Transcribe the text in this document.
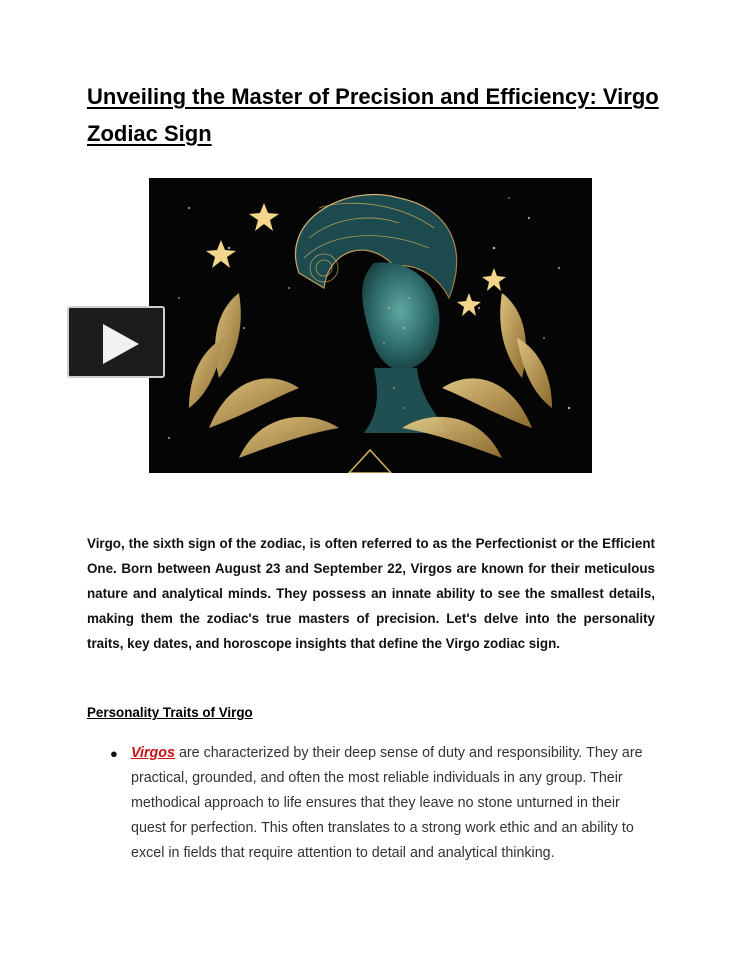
Unveiling the Master of Precision and Efficiency: Virgo Zodiac Sign

Virgo, the sixth sign of the zodiac, is often referred to as the Perfectionist or the Efficient One. Born between August 23 and September 22, Virgos are known for their meticulous nature and analytical minds. They possess an innate ability to see the smallest details, making them the zodiac's true masters of precision. Let's delve into the personality traits, key dates, and horoscope insights that define the Virgo zodiac sign.

Personality Traits of Virgo
● Virgos are characterized by their deep sense of duty and responsibility. They are practical, grounded, and often the most reliable individuals in any group. Their methodical approach to life ensures that they leave no stone unturned in their quest for perfection. This often translates to a strong work ethic and an ability to excel in fields that require attention to detail and analytical thinking.
